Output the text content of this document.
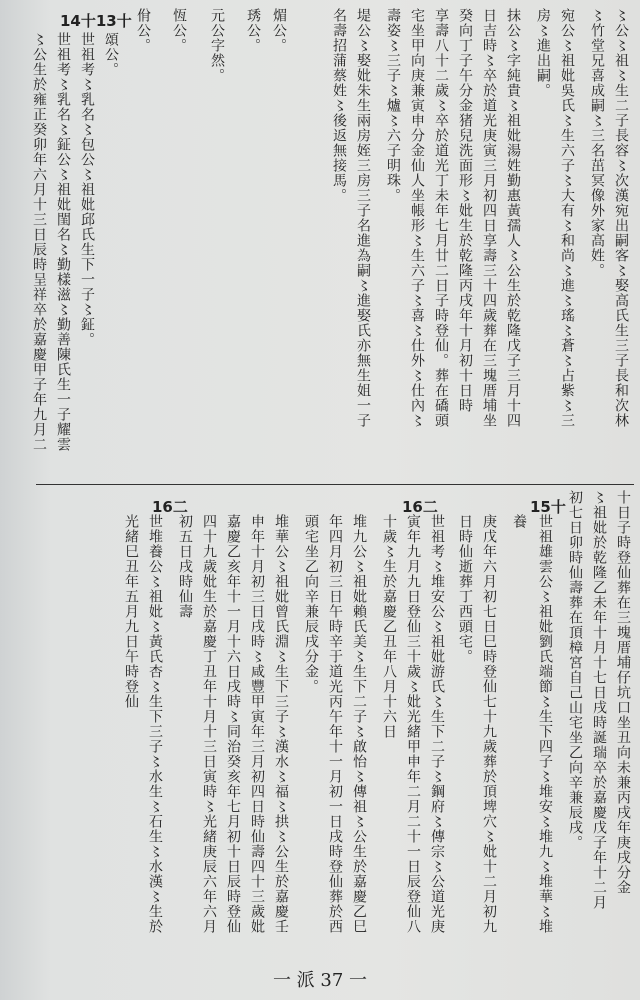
14十13十	〻公〻祖〻生二子長容〻次漢宛出嗣客〻娶高氏生三子長和次林
〻竹堂兄喜成嗣〻三名茁冥像外家高姓。
宛公〻祖妣吳氏〻生六子〻大有〻和尚〻進〻瑤〻蒼〻占紫〻三
房〻進出嗣。
抹公〻字純貴〻祖妣湯姓勤惠黃孺人〻公生於乾隆戊子三月十四
日吉時〻卒於道光庚寅三月初四日享壽三十四歲葬在三塊厝埔坐
癸向丁子午分金猪兒洗面形〻妣生於乾隆丙戌年十月初十日時
享壽八十二歲〻卒於道光丁未年七月廿二日子時登仙。葬在礄頭
宅坐甲向庚兼寅申分金仙人坐帳形〻生六子〻喜〻仕外〻仕內〻
壽姿〻三子〻爐〻六子明珠。
堤公〻娶妣朱生兩房姪三房三子名進為嗣〻進娶氏亦無生姐一子
名壽招蒲蔡姓〻後返無接馬。
煝公。
琇公。
元公字然。
恆公。
佾公。
頌公。
世祖考〻乳名〻包公〻祖妣邱氏生下一子〻鉦。
世祖考〻乳名〻鉦公〻祖妣閨名〻勤樣滋〻勤善陳氏生一子耀雲
〻公生於雍正癸卯年六月十三日辰時呈祥卒於嘉慶甲子年九月二
15十
16二
16二	十日子時登仙葬在三塊厝埔仔坑口坐丑向未兼丙戌年庚戌分金
〻祖妣於乾隆乙未年十月十七日戌時誕瑞卒於嘉慶戊子年十二月
初七日卯時仙壽葬在頂樟宮自己山宅坐乙向辛兼辰戌。
世祖雄雲公〻祖妣劉氏端節〻生下四子〻堆安〻堆九〻堆華〻堆
養
庚戊年六月初七日巳時登仙七十九歲葬於頂埤穴〻妣十二月初九
日時仙逝葬丁西頭宅。
世祖考〻堆安公〻祖妣游氏〻生下二子〻鋼府〻傳宗〻公道光庚
寅年九月九日登仙三十歲〻妣光緒甲申年二月二十一日辰登仙八
十歲〻生於嘉慶乙丑年八月十六日
堆九公〻祖妣賴氏美〻生下二子〻啟怡〻傳祖〻公生於嘉慶乙巳
年四月初三日午時辛于道光丙午年十一月初一日戌時登仙葬於西
頭宅坐乙向辛兼辰戌分金。
堆華公〻祖妣曾氏淵〻生下三子〻漢水〻福〻拱〻公生於嘉慶壬
申年十月初三日戌時〻咸豐甲寅年三月初四日時仙壽四十三歲妣
嘉慶乙亥年十一月十六日戌時〻同治癸亥年七月初十日辰時登仙
四十九歲妣生於嘉慶丁丑年十月十三日寅時〻光緒庚辰六年六月
初五日戌時仙壽
世堆養公〻祖妣〻黃氏杏〻生下三子〻水生〻石生〻水漢〻生於
光緒巳丑年五月九日午時登仙
一 派 37 一
